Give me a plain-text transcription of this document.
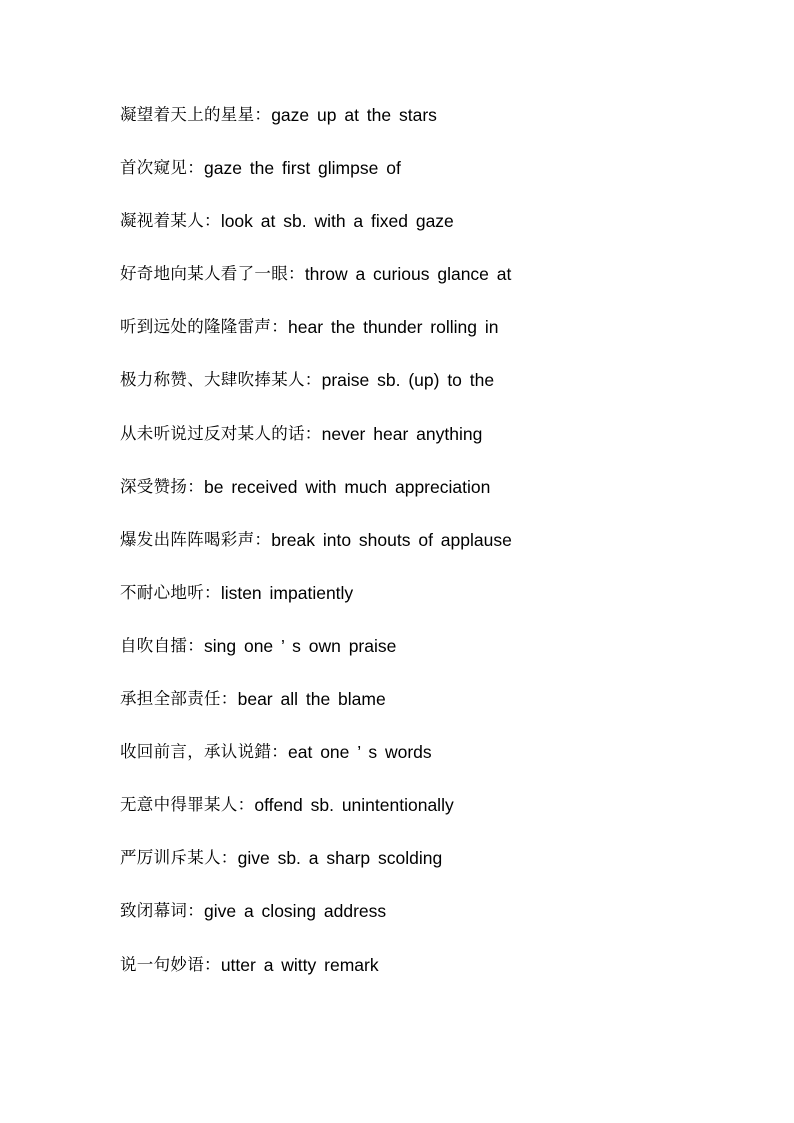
凝望着天上的星星： gaze up at the stars
首次窥见： gaze the first glimpse of
凝视着某人： look at sb. with a fixed gaze
好奇地向某人看了一眼： throw a curious glance at
听到远处的隆隆雷声： hear the thunder rolling in
极力称赞、大肆吹捧某人： praise sb. (up) to the
从未听说过反对某人的话： never hear anything
深受赞扬： be received with much appreciation
爆发出阵阵喝彩声： break into shouts of applause
不耐心地听： listen impatiently
自吹自擂： sing one ’ s own praise
承担全部责任： bear all the blame
收回前言，承认说錯： eat one ’ s words
无意中得罪某人： offend sb. unintentionally
严厉训斥某人： give sb. a sharp scolding
致闭幕词： give a closing address
说一句妙语： utter a witty remark
